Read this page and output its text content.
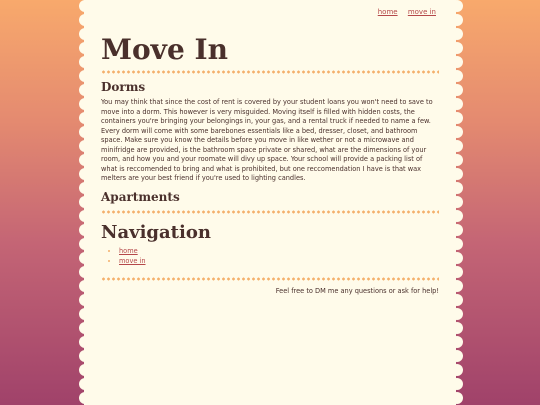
home move in
Move In
Dorms

You may think that since the cost of rent is covered by your student loans you won't need to save to move into a dorm. This however is very misguided. Moving itself is filled with hidden costs, the containers you're bringing your belongings in, your gas, and a rental truck if needed to name a few. Every dorm will come with some barebones essentials like a bed, dresser, closet, and bathroom space. Make sure you know the details before you move in like wether or not a microwave and minifridge are provided, is the bathroom space private or shared, what are the dimensions of your room, and how you and your roomate will divy up space. Your school will provide a packing list of what is reccomended to bring and what is prohibited, but one reccomendation I have is that wax melters are your best friend if you're used to lighting candles.

Apartments
Navigation
• home
• move in
Feel free to DM me any questions or ask for help!
